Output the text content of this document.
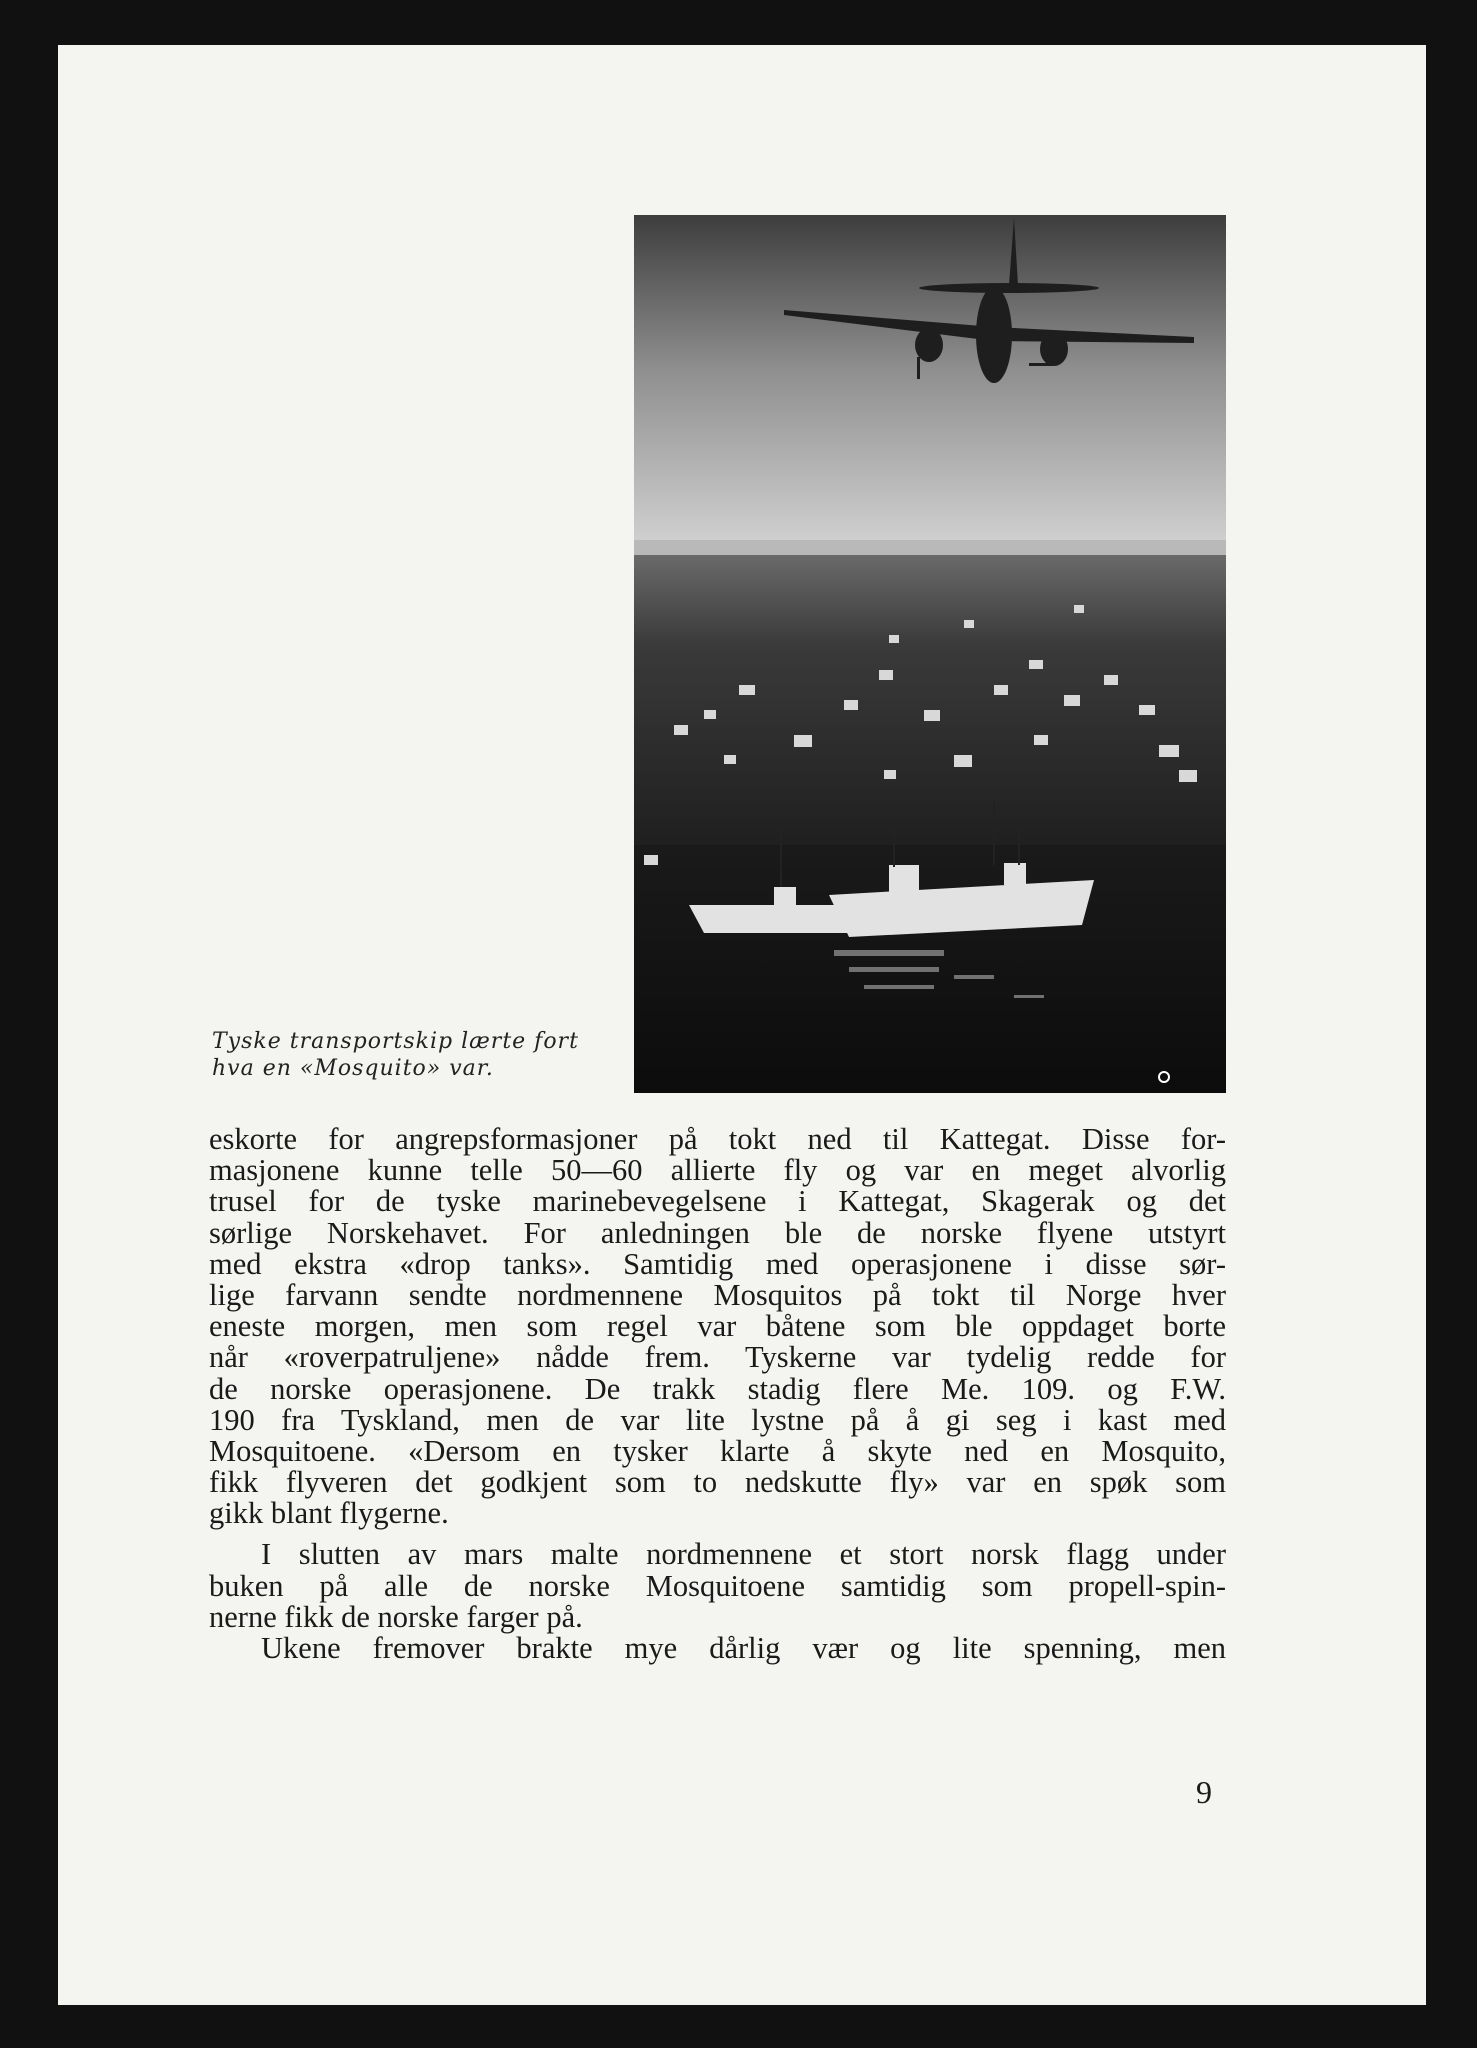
Tyske transportskip lærte fort
hva en «Mosquito» var.
eskorte for angrepsformasjoner på tokt ned til Kattegat. Disse for-
masjonene kunne telle 50—60 allierte fly og var en meget alvorlig
trusel for de tyske marinebevegelsene i Kattegat, Skagerak og det
sørlige Norskehavet. For anledningen ble de norske flyene utstyrt
med ekstra «drop tanks». Samtidig med operasjonene i disse sør-
lige farvann sendte nordmennene Mosquitos på tokt til Norge hver
eneste morgen, men som regel var båtene som ble oppdaget borte
når «roverpatruljene» nådde frem. Tyskerne var tydelig redde for
de norske operasjonene. De trakk stadig flere Me. 109. og F.W.
190 fra Tyskland, men de var lite lystne på å gi seg i kast med
Mosquitoene. «Dersom en tysker klarte å skyte ned en Mosquito,
fikk flyveren det godkjent som to nedskutte fly» var en spøk som
gikk blant flygerne.
I slutten av mars malte nordmennene et stort norsk flagg under
buken på alle de norske Mosquitoene samtidig som propell-spin-
nerne fikk de norske farger på.
Ukene fremover brakte mye dårlig vær og lite spenning, men
9
